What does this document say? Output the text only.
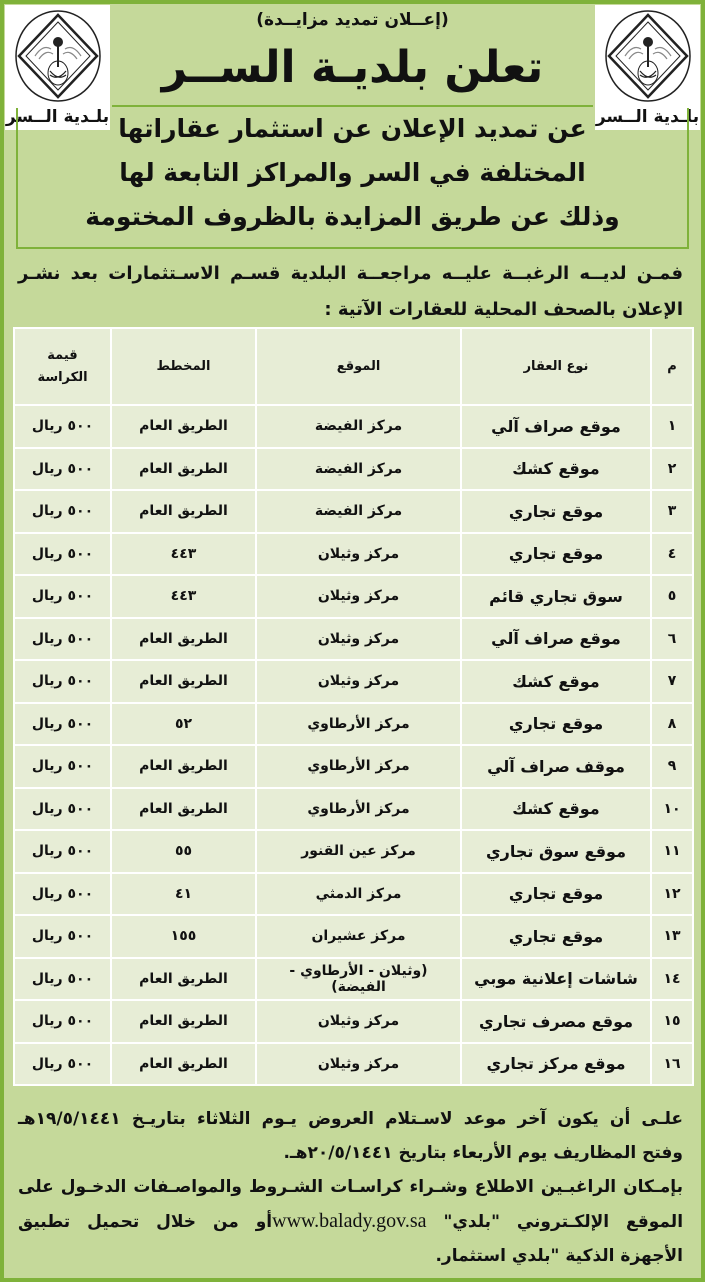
بلـدية الــسر
بلـدية الــسر
(إعــلان تمديد مزايــدة)
تعلن بلديـة الســر
عن تمديد الإعلان عن استثمار عقاراتها
المختلفة في السر والمراكز التابعة لها
وذلك عن طريق المزايدة بالظروف المختومة
فمـن لديــه الرغبــة عليــه مراجعــة البلدية قسـم الاسـتثمارات بعد نشـر
الإعلان بالصحف المحلية للعقارات الآتية :
م	نوع العقار	الموقع	المخطط	قيمة
الكراسة

١	موقع صراف آلي	مركز الفيضة	الطريق العام	٥٠٠ ريال
٢	موقع كشك	مركز الفيضة	الطريق العام	٥٠٠ ريال
٣	موقع تجاري	مركز الفيضة	الطريق العام	٥٠٠ ريال
٤	موقع تجاري	مركز وثيلان	٤٤٣	٥٠٠ ريال
٥	سوق تجاري قائم	مركز وثيلان	٤٤٣	٥٠٠ ريال
٦	موقع صراف آلي	مركز وثيلان	الطريق العام	٥٠٠ ريال
٧	موقع كشك	مركز وثيلان	الطريق العام	٥٠٠ ريال
٨	موقع تجاري	مركز الأرطاوي	٥٢	٥٠٠ ريال
٩	موقف صراف آلي	مركز الأرطاوي	الطريق العام	٥٠٠ ريال
١٠	موقع كشك	مركز الأرطاوي	الطريق العام	٥٠٠ ريال
١١	موقع سوق تجاري	مركز عين القنور	٥٥	٥٠٠ ريال
١٢	موقع تجاري	مركز الدمثي	٤١	٥٠٠ ريال
١٣	موقع تجاري	مركز عشيران	١٥٥	٥٠٠ ريال
١٤	شاشات إعلانية موبي	(وثيلان - الأرطاوي - الفيضة)	الطريق العام	٥٠٠ ريال
١٥	موقع مصرف تجاري	مركز وثيلان	الطريق العام	٥٠٠ ريال
١٦	موقع مركز تجاري	مركز وثيلان	الطريق العام	٥٠٠ ريال
علـى أن يكون آخر موعد لاسـتلام العروض يـوم الثلاثاء بتاريـخ ١٩/٥/١٤٤١هـ
وفتح المظاريف يوم الأربعاء بتاريخ ٢٠/٥/١٤٤١هـ.
بإمـكان الراغبـين الاطلاع وشـراء كراسـات الشـروط والمواصـفات الدخـول على
الموقع الإلكـتروني "بلدي" www.balady.gov.saأو من خلال تحميل تطبيق
الأجهزة الذكية "بلدي استثمار.
